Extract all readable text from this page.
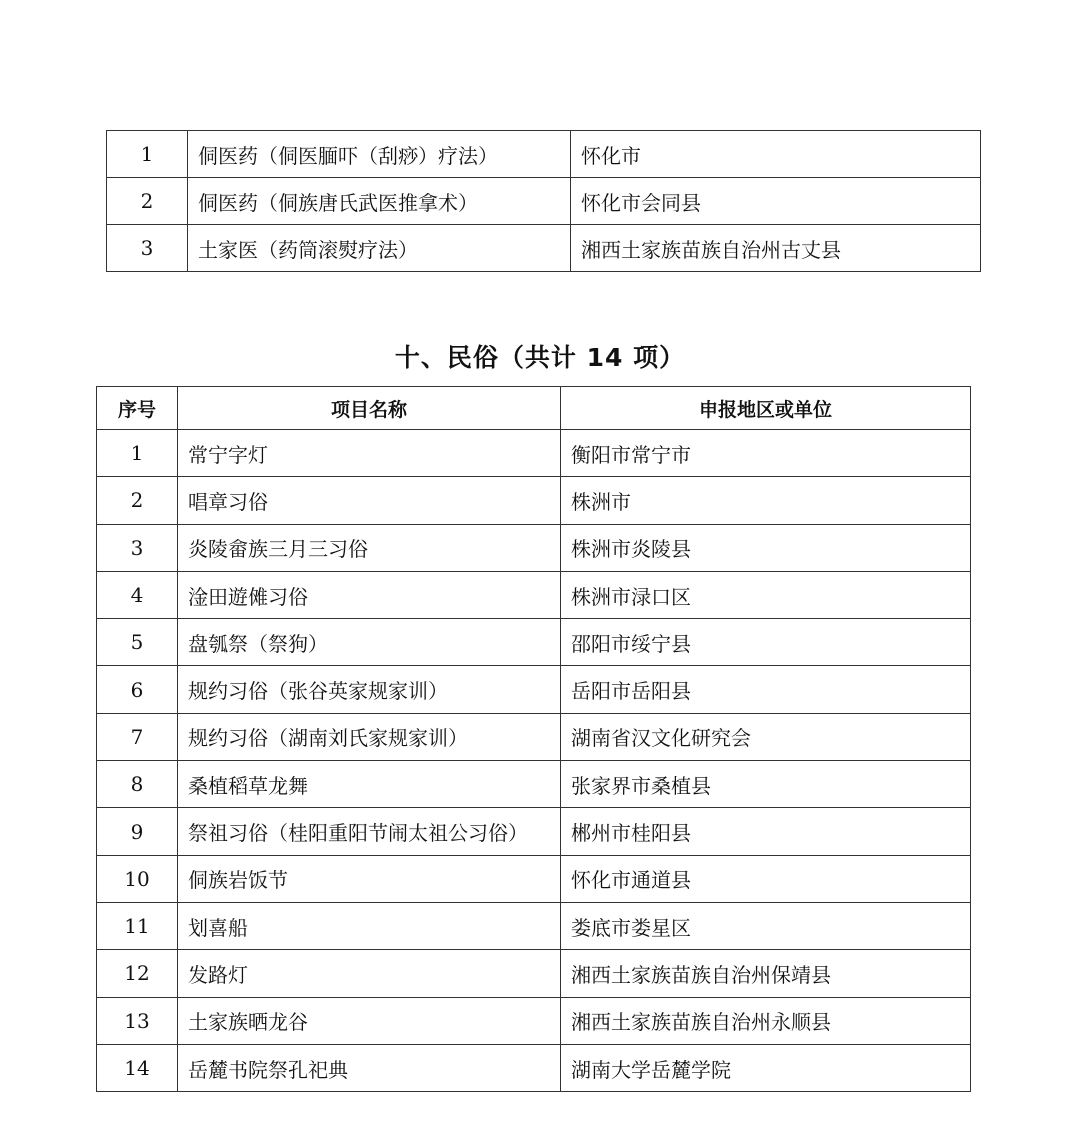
1	侗医药（侗医腼吓（刮痧）疗法）	怀化市
2	侗医药（侗族唐氏武医推拿术）	怀化市会同县
3	土家医（药筒滚熨疗法）	湘西土家族苗族自治州古丈县
十、民俗（共计 14 项）
序号	项目名称	申报地区或单位
1	常宁字灯	衡阳市常宁市
2	唱章习俗	株洲市
3	炎陵畲族三月三习俗	株洲市炎陵县
4	淦田遊傩习俗	株洲市渌口区
5	盘瓠祭（祭狗）	邵阳市绥宁县
6	规约习俗（张谷英家规家训）	岳阳市岳阳县
7	规约习俗（湖南刘氏家规家训）	湖南省汉文化研究会
8	桑植稻草龙舞	张家界市桑植县
9	祭祖习俗（桂阳重阳节闹太祖公习俗）	郴州市桂阳县
10	侗族岩饭节	怀化市通道县
11	划喜船	娄底市娄星区
12	发路灯	湘西土家族苗族自治州保靖县
13	土家族晒龙谷	湘西土家族苗族自治州永顺县
14	岳麓书院祭孔祀典	湖南大学岳麓学院
